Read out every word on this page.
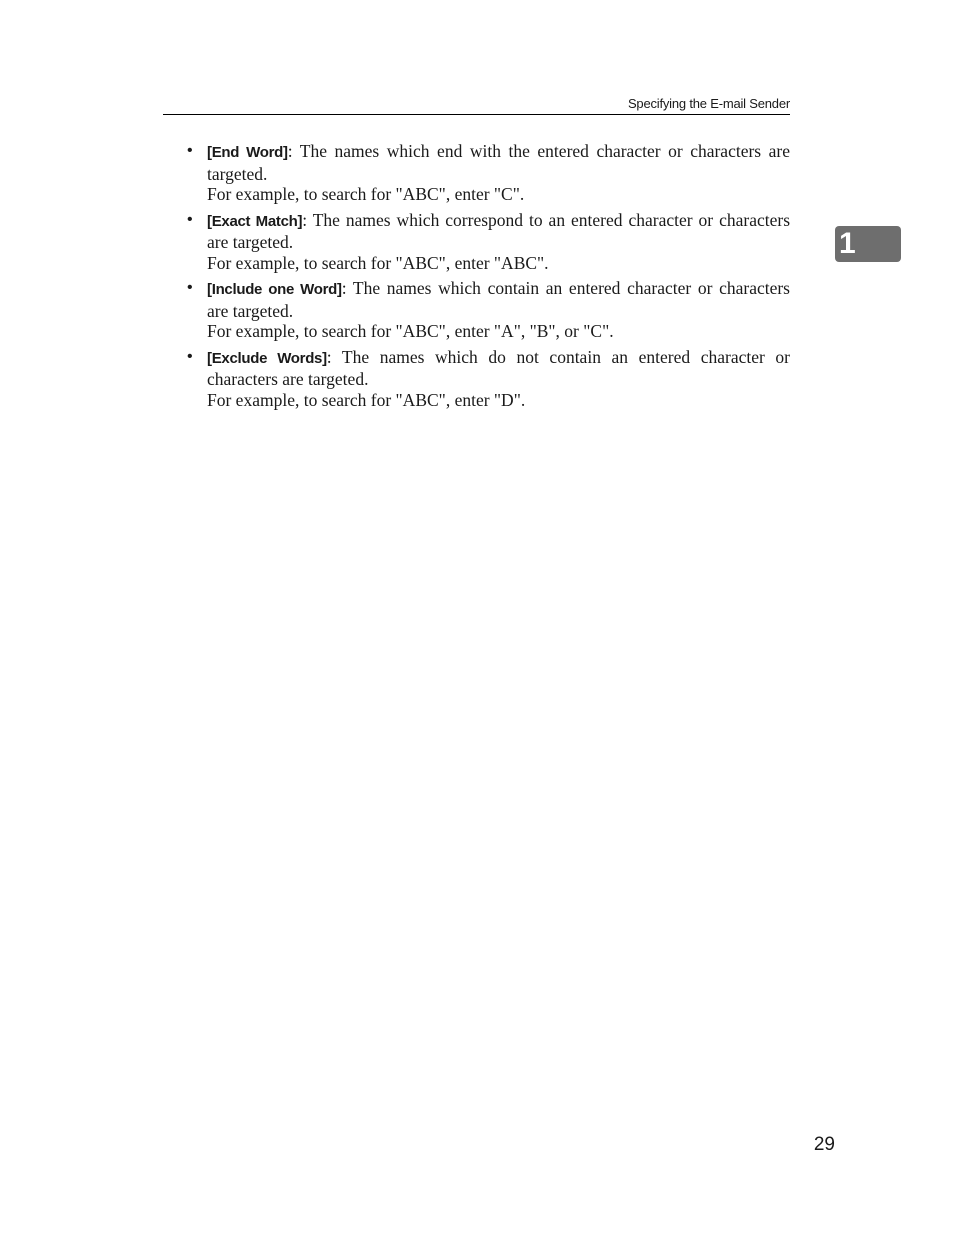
Specifying the E-mail Sender
1
• [End Word]: The names which end with the entered character or characters are targeted.
For example, to search for "ABC", enter "C".
• [Exact Match]: The names which correspond to an entered character or characters are targeted.
For example, to search for "ABC", enter "ABC".
• [Include one Word]: The names which contain an entered character or characters are targeted.
For example, to search for "ABC", enter "A", "B", or "C".
• [Exclude Words]: The names which do not contain an entered character or characters are targeted.
For example, to search for "ABC", enter "D".
29
